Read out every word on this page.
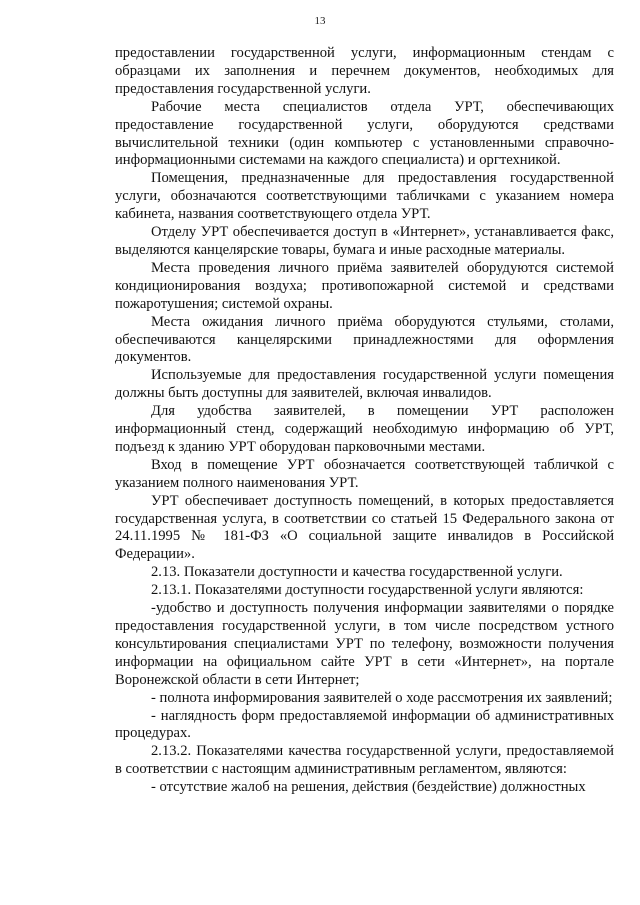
13

предоставлении государственной услуги, информационным стендам с образцами их заполнения и перечнем документов, необходимых для предоставления государственной услуги.

Рабочие места специалистов отдела УРТ, обеспечивающих предоставление государственной услуги, оборудуются средствами вычислительной техники (один компьютер с установленными справочно-информационными системами на каждого специалиста) и оргтехникой.

Помещения, предназначенные для предоставления государственной услуги, обозначаются соответствующими табличками с указанием номера кабинета, названия соответствующего отдела УРТ.

Отделу УРТ обеспечивается доступ в «Интернет», устанавливается факс, выделяются канцелярские товары, бумага и иные расходные материалы.

Места проведения личного приёма заявителей оборудуются системой кондиционирования воздуха; противопожарной системой и средствами пожаротушения; системой охраны.

Места ожидания личного приёма оборудуются стульями, столами, обеспечиваются канцелярскими принадлежностями для оформления документов.

Используемые для предоставления государственной услуги помещения должны быть доступны для заявителей, включая инвалидов.

Для удобства заявителей, в помещении УРТ расположен информационный стенд, содержащий необходимую информацию об УРТ, подъезд к зданию УРТ оборудован парковочными местами.

Вход в помещение УРТ обозначается соответствующей табличкой с указанием полного наименования УРТ.

УРТ обеспечивает доступность помещений, в которых предоставляется государственная услуга, в соответствии со статьей 15 Федерального закона от 24.11.1995 № 181-ФЗ «О социальной защите инвалидов в Российской Федерации».

2.13. Показатели доступности и качества государственной услуги.

2.13.1. Показателями доступности государственной услуги являются:

-удобство и доступность получения информации заявителями о порядке предоставления государственной услуги, в том числе посредством устного консультирования специалистами УРТ по телефону, возможности получения информации на официальном сайте УРТ в сети «Интернет», на портале Воронежской области в сети Интернет;

- полнота информирования заявителей о ходе рассмотрения их заявлений;

- наглядность форм предоставляемой информации об административных процедурах.

2.13.2. Показателями качества государственной услуги, предоставляемой в соответствии с настоящим административным регламентом, являются:

- отсутствие жалоб на решения, действия (бездействие) должностных
